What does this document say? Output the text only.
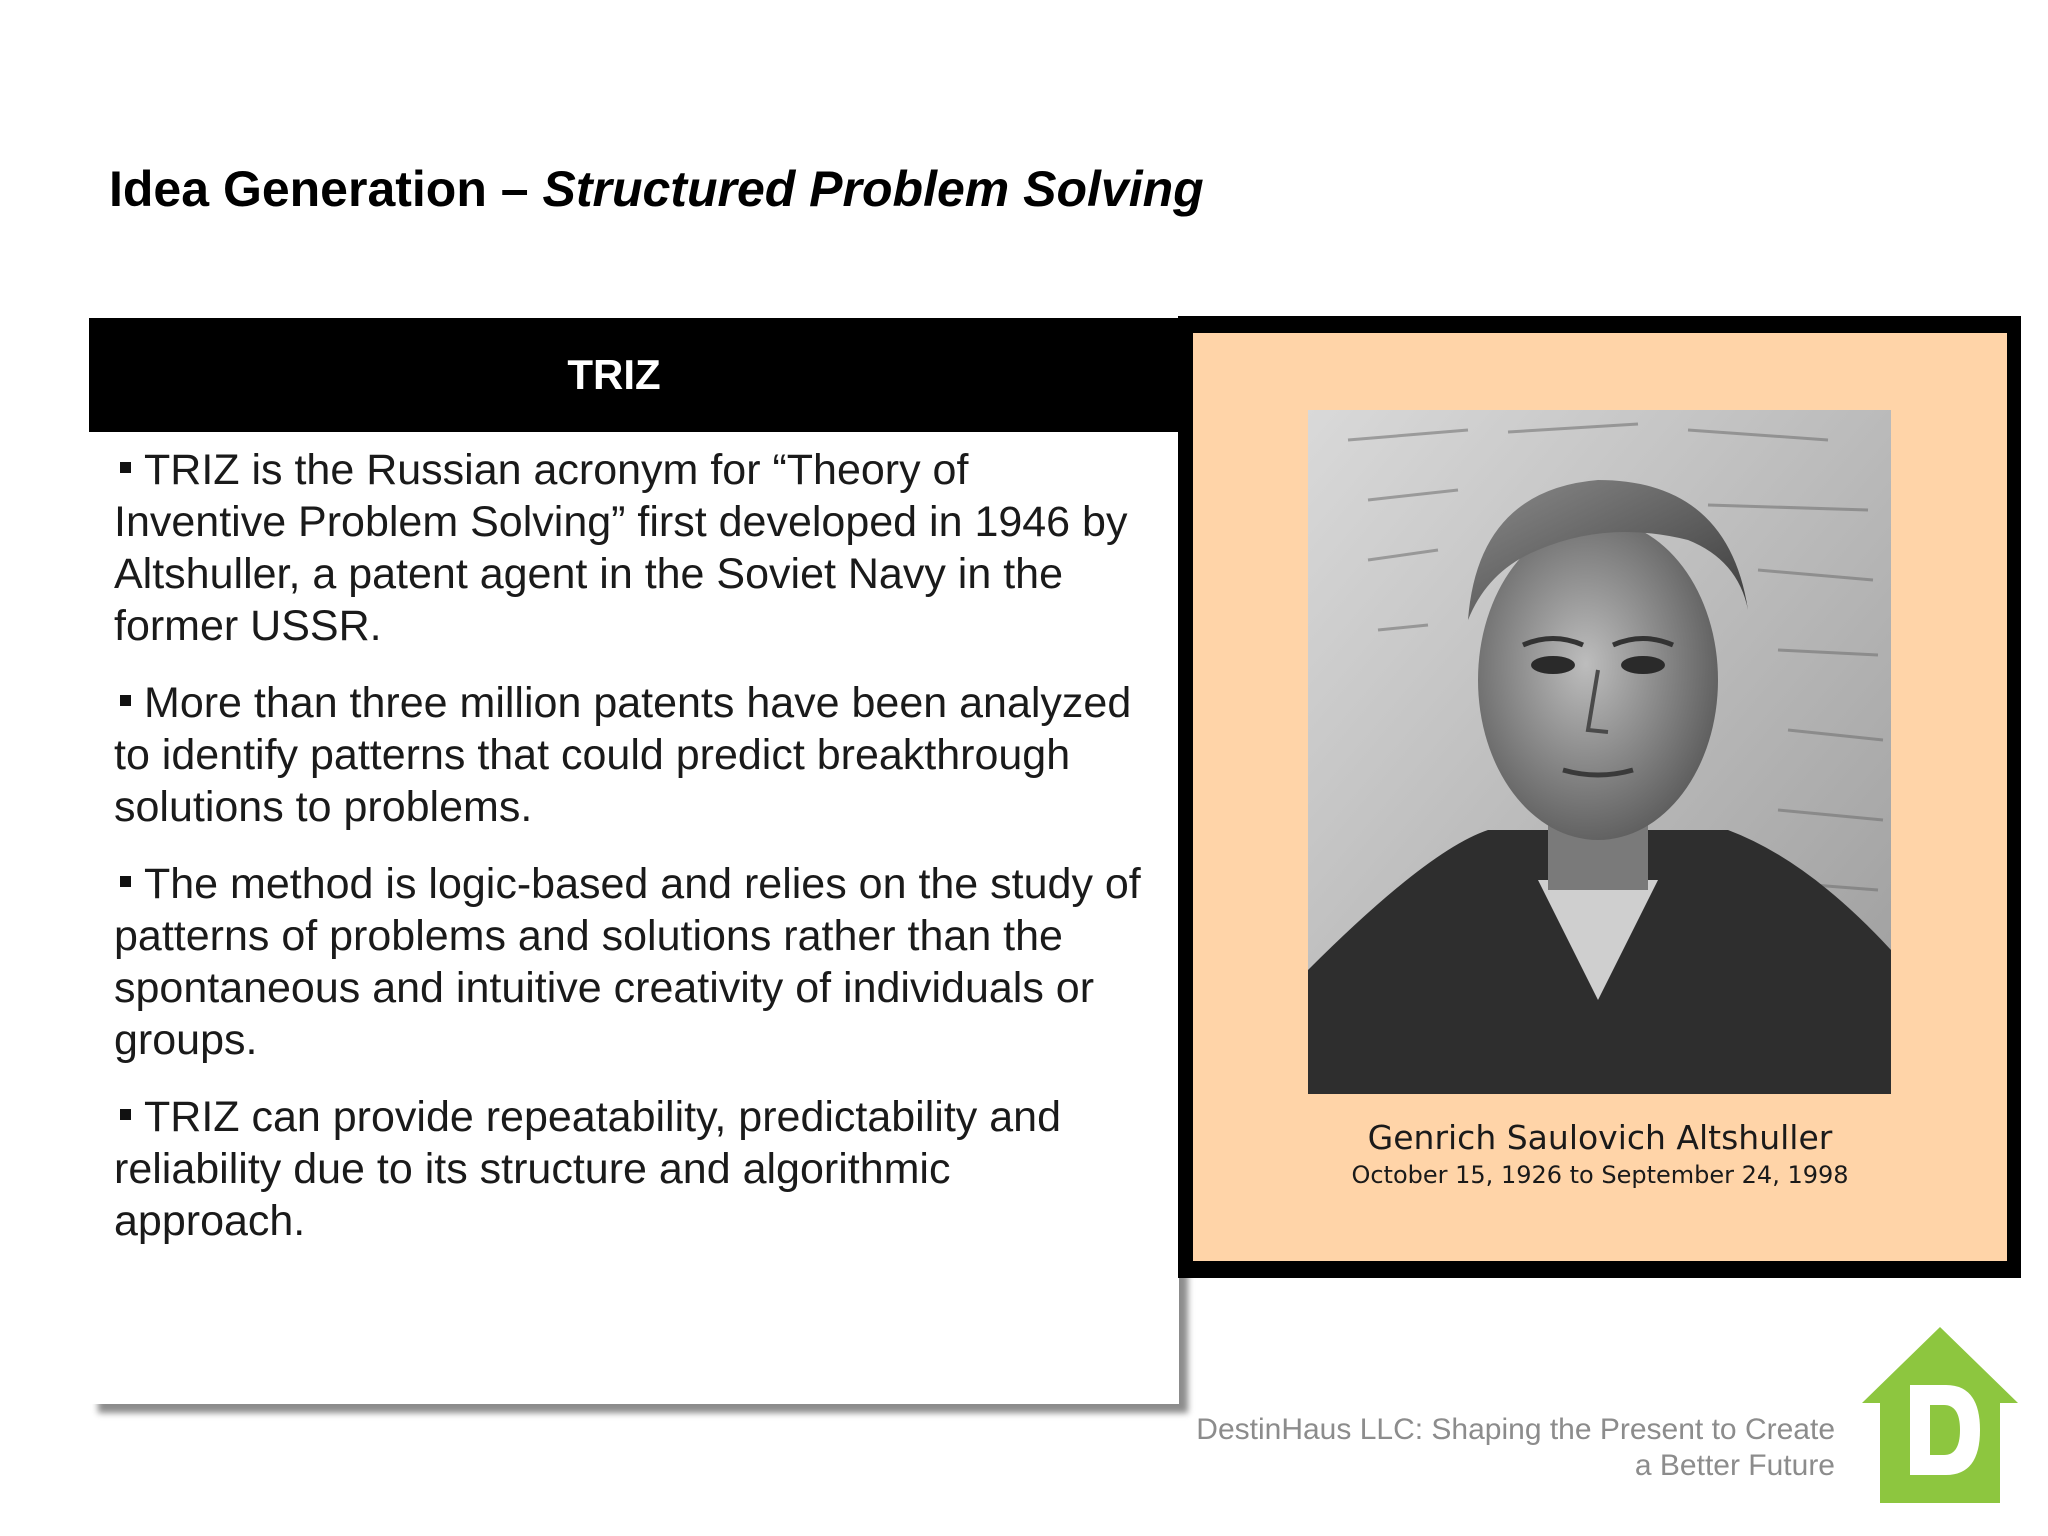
Idea Generation – Structured Problem Solving
TRIZ
TRIZ is the Russian acronym for “Theory of Inventive Problem Solving” first developed in 1946 by Altshuller, a patent agent in the Soviet Navy in the former USSR.
More than three million patents have been analyzed to identify patterns that could predict breakthrough solutions to problems.
The method is logic-based and relies on the study of patterns of problems and solutions rather than the spontaneous and intuitive creativity of individuals or groups.
TRIZ can provide repeatability, predictability and reliability due to its structure and algorithmic approach.
Genrich Saulovich Altshuller
October 15, 1926 to September 24, 1998
DestinHaus LLC: Shaping the Present to Create
a Better Future
